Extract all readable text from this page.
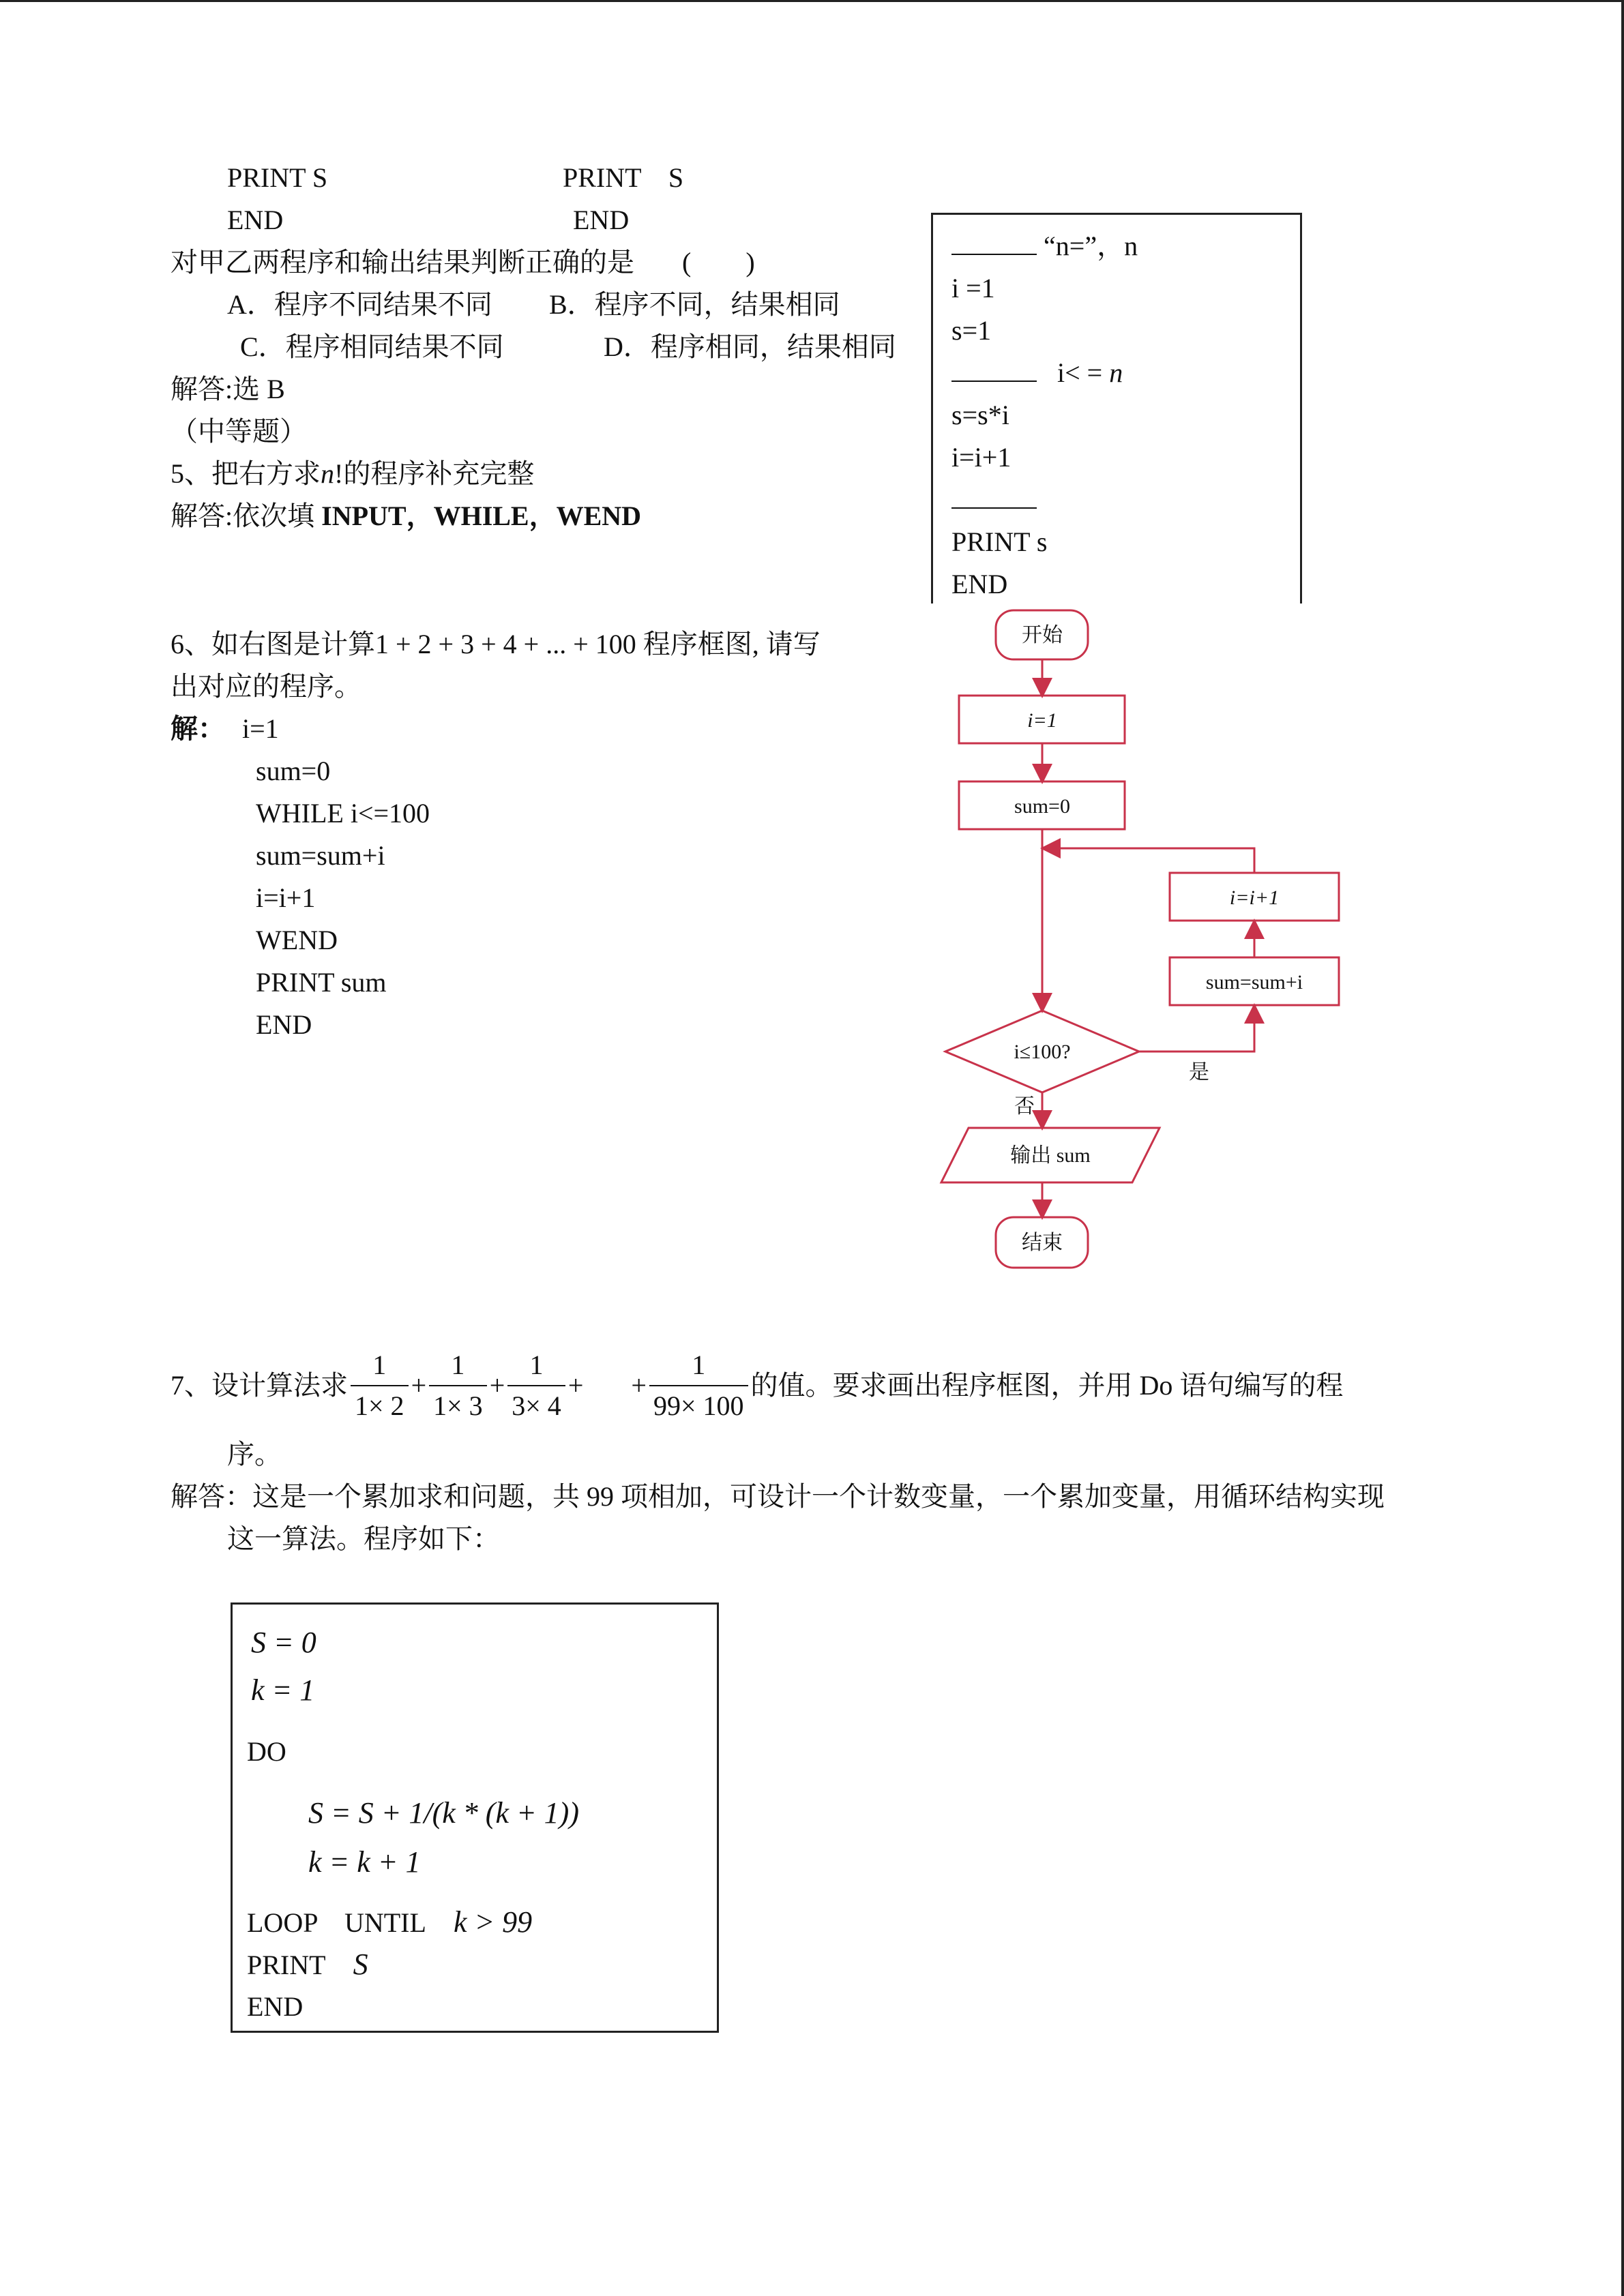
PRINT S	PRINT    S
END	END
对甲乙两程序和输出结果判断正确的是 (        )
A．程序不同结果不同 B．程序不同，结果相同
C．程序相同结果不同	D．程序相同，结果相同
解答:选 B
（中等题）
5、把右方求n!的程序补充完整
解答:依次填 INPUT，WHILE，WEND
“n=”，n
i =1
s=1
i< = n
s=s*i
i=i+1
PRINT s
END
6、如右图是计算1 + 2 + 3 + 4 + ... + 100 程序框图, 请写
出对应的程序。
解： i=1
sum=0
WHILE i<=100
sum=sum+i
i=i+1
WEND
PRINT sum
END
开始
i=1
sum=0
i=i+1
sum=sum+i
i≤100?
是
否
输出 sum
结束
7、设计算法求 $\frac{1}{1\times 2} + \frac{1}{1\times 3} + \frac{1}{3\times 4}$ + + $\frac{1}{99\times 100}$ 的值。要求画出程序框图，并用 Do 语句编写的程
序。
解答：这是一个累加求和问题，共 99 项相加，可设计一个计数变量，一个累加变量，用循环结构实现
这一算法。程序如下：
S = 0
k = 1
DO
S = S + 1/(k * (k + 1))
k = k + 1
LOOP    UNTIL k > 99
PRINT S
END
